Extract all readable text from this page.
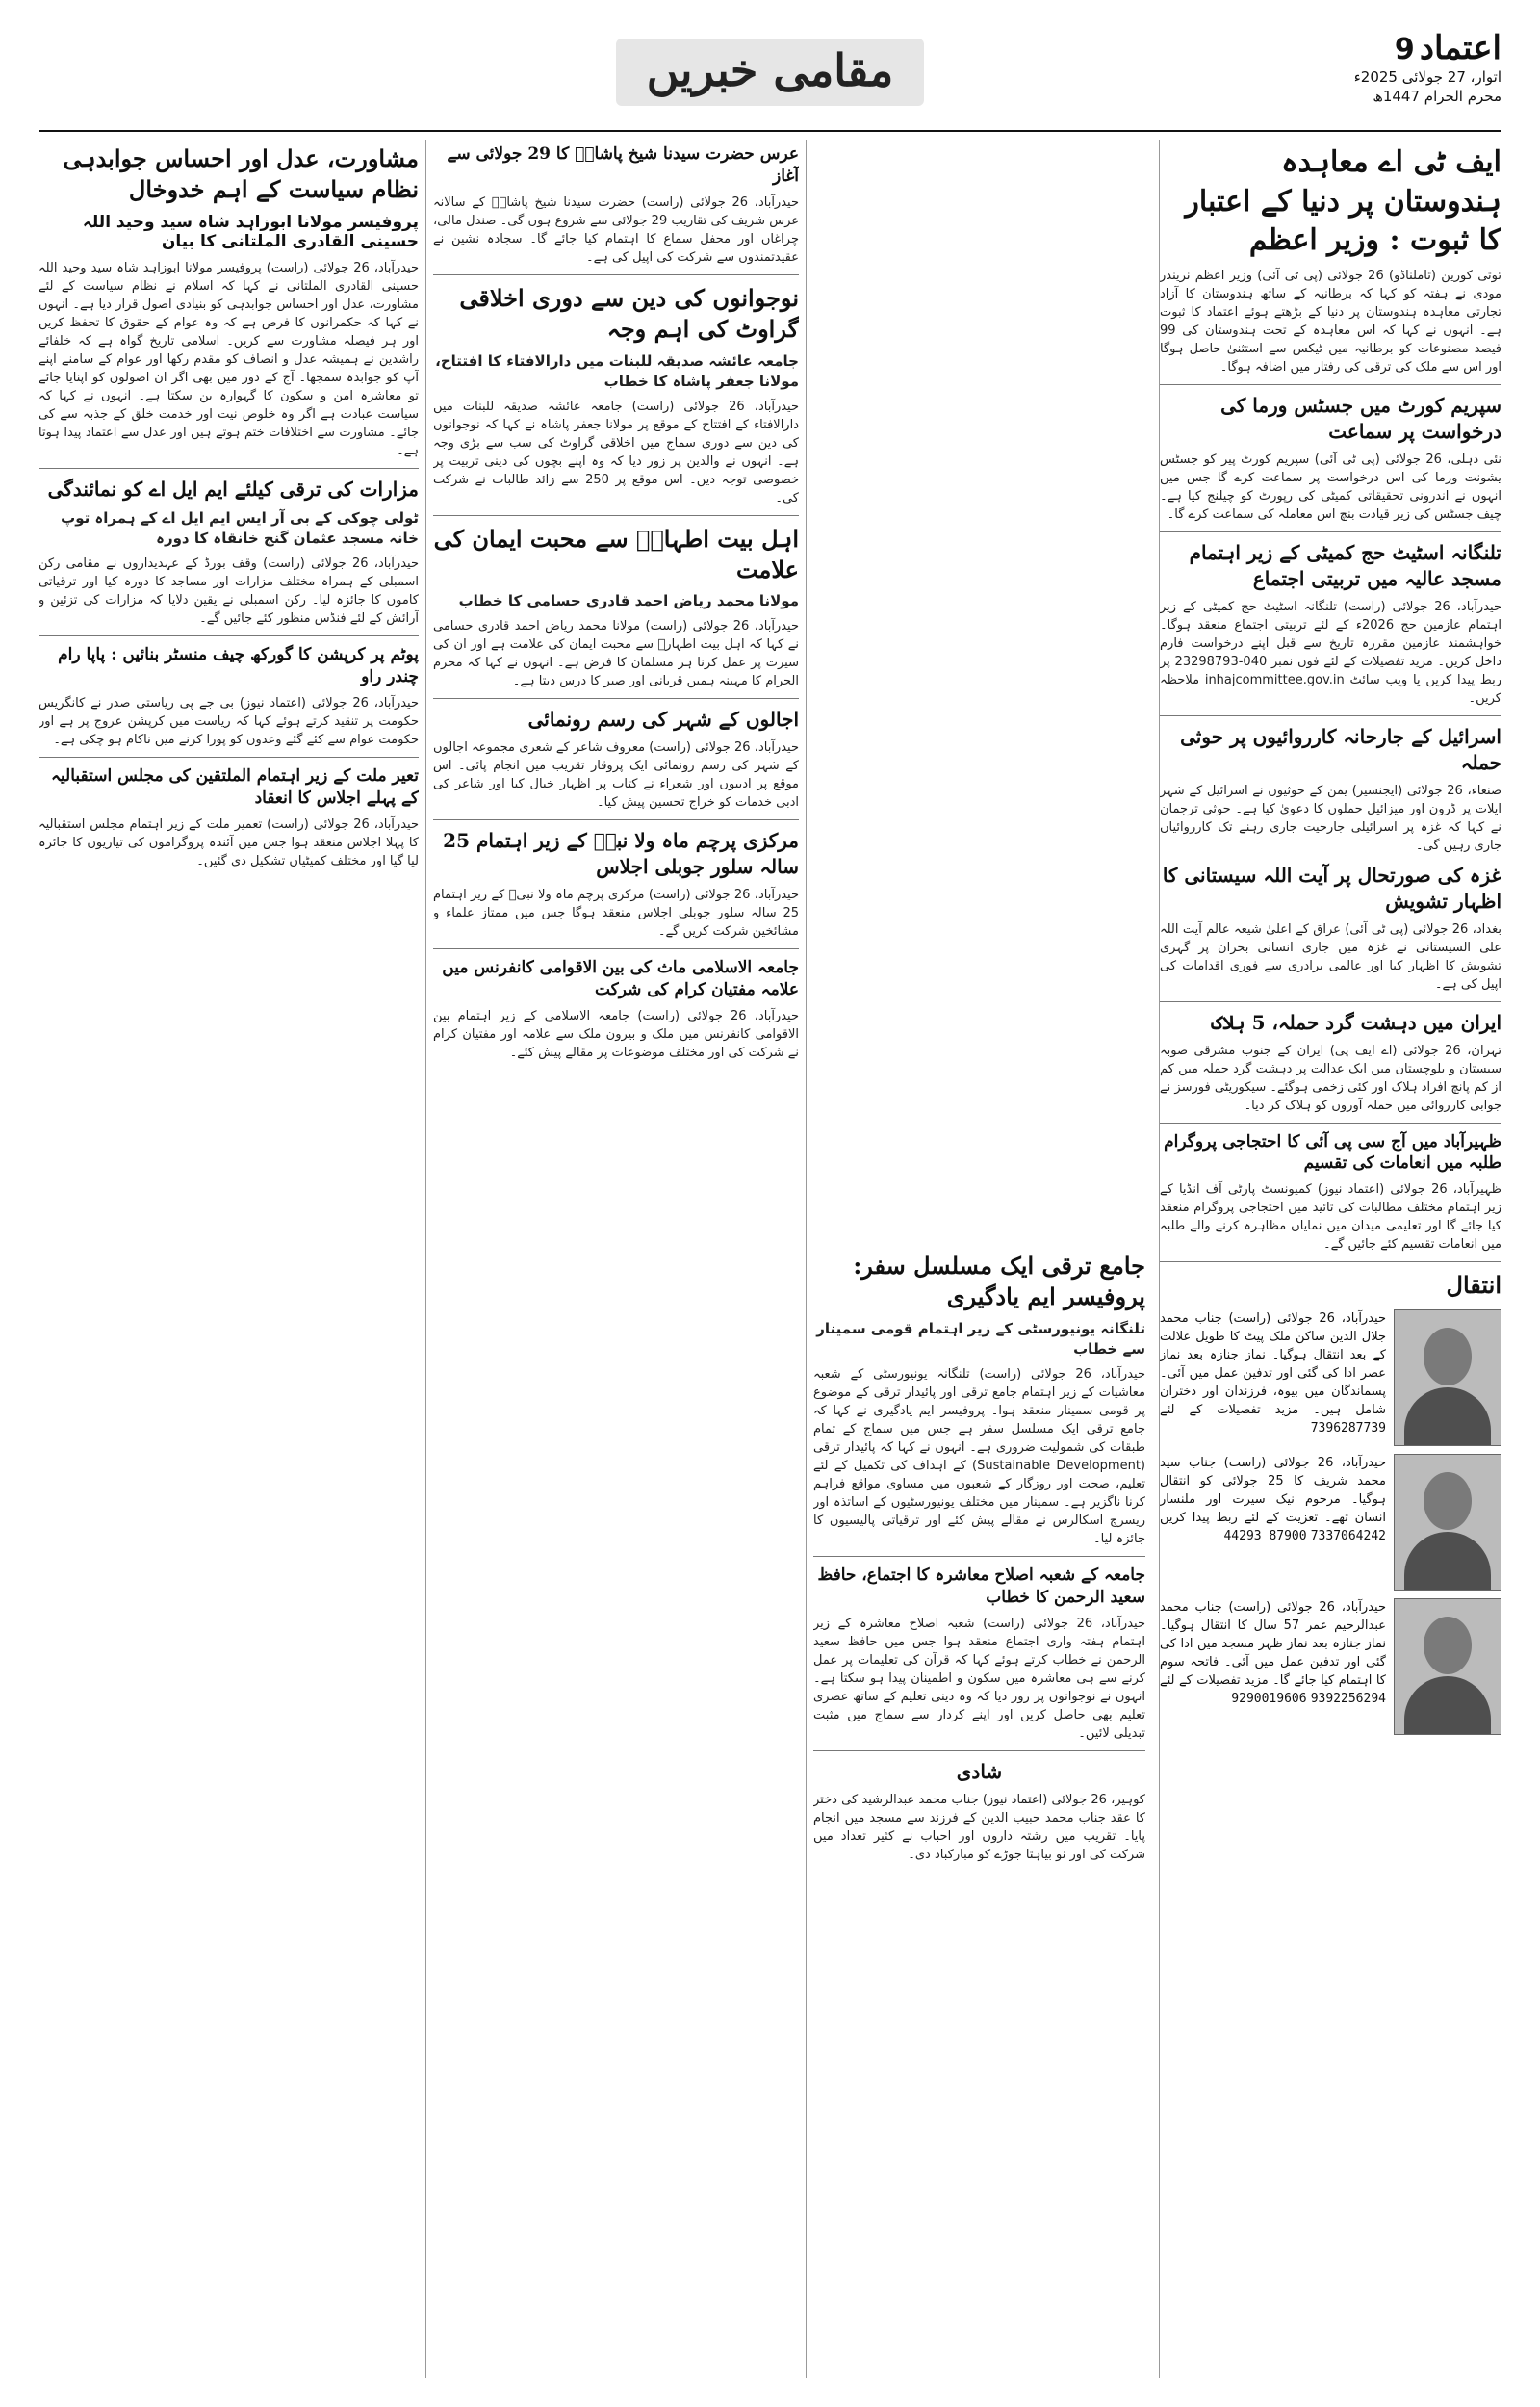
اعتماد 9
اتوار، 27 جولائی 2025ء
محرم الحرام 1447ھ
مقامی خبریں
ایف ٹی اے معاہدہ ہندوستان پر دنیا کے اعتبار کا ثبوت : وزیر اعظم

توتی کورین (تاملناڈو) 26 جولائی (پی ٹی آئی) وزیر اعظم نریندر مودی نے ہفتہ کو کہا کہ برطانیہ کے ساتھ ہندوستان کا آزاد تجارتی معاہدہ ہندوستان پر دنیا کے بڑھتے ہوئے اعتماد کا ثبوت ہے۔ انہوں نے کہا کہ اس معاہدہ کے تحت ہندوستان کی 99 فیصد مصنوعات کو برطانیہ میں ٹیکس سے استثنیٰ حاصل ہوگا اور اس سے ملک کی ترقی کی رفتار میں اضافہ ہوگا۔

سپریم کورٹ میں جسٹس ورما کی درخواست پر سماعت

نئی دہلی، 26 جولائی (پی ٹی آئی) سپریم کورٹ پیر کو جسٹس یشونت ورما کی اس درخواست پر سماعت کرے گا جس میں انہوں نے اندرونی تحقیقاتی کمیٹی کی رپورٹ کو چیلنج کیا ہے۔ چیف جسٹس کی زیر قیادت بنچ اس معاملہ کی سماعت کرے گا۔

تلنگانہ اسٹیٹ حج کمیٹی کے زیر اہتمام مسجد عالیہ میں تربیتی اجتماع

حیدرآباد، 26 جولائی (راست) تلنگانہ اسٹیٹ حج کمیٹی کے زیر اہتمام عازمین حج 2026ء کے لئے تربیتی اجتماع منعقد ہوگا۔ خواہشمند عازمین مقررہ تاریخ سے قبل اپنے درخواست فارم داخل کریں۔ مزید تفصیلات کے لئے فون نمبر 040-23298793 پر ربط پیدا کریں یا ویب سائٹ inhajcommittee.gov.in ملاحظہ کریں۔

اسرائیل کے جارحانہ کارروائیوں پر حوثی حملہ

صنعاء، 26 جولائی (ایجنسیز) یمن کے حوثیوں نے اسرائیل کے شہر ایلات پر ڈرون اور میزائیل حملوں کا دعویٰ کیا ہے۔ حوثی ترجمان نے کہا کہ غزہ پر اسرائیلی جارحیت جاری رہنے تک کارروائیاں جاری رہیں گی۔

غزہ کی صورتحال پر آیت اللہ سیستانی کا اظہار تشویش

بغداد، 26 جولائی (پی ٹی آئی) عراق کے اعلیٰ شیعہ عالم آیت اللہ علی السیستانی نے غزہ میں جاری انسانی بحران پر گہری تشویش کا اظہار کیا اور عالمی برادری سے فوری اقدامات کی اپیل کی ہے۔

ایران میں دہشت گرد حملہ، 5 ہلاک

تہران، 26 جولائی (اے ایف پی) ایران کے جنوب مشرقی صوبہ سیستان و بلوچستان میں ایک عدالت پر دہشت گرد حملہ میں کم از کم پانچ افراد ہلاک اور کئی زخمی ہوگئے۔ سیکوریٹی فورسز نے جوابی کارروائی میں حملہ آوروں کو ہلاک کر دیا۔

ظہیرآباد میں آج سی پی آئی کا احتجاجی پروگرام طلبہ میں انعامات کی تقسیم

ظہیرآباد، 26 جولائی (اعتماد نیوز) کمیونسٹ پارٹی آف انڈیا کے زیر اہتمام مختلف مطالبات کی تائید میں احتجاجی پروگرام منعقد کیا جائے گا اور تعلیمی میدان میں نمایاں مظاہرہ کرنے والے طلبہ میں انعامات تقسیم کئے جائیں گے۔

انتقال
حیدرآباد، 26 جولائی (راست) جناب محمد جلال الدین ساکن ملک پیٹ کا طویل علالت کے بعد انتقال ہوگیا۔ نماز جنازہ بعد نماز عصر ادا کی گئی اور تدفین عمل میں آئی۔ پسماندگان میں بیوہ، فرزندان اور دختران شامل ہیں۔ مزید تفصیلات کے لئے 7396287739
حیدرآباد، 26 جولائی (راست) جناب سید محمد شریف کا 25 جولائی کو انتقال ہوگیا۔ مرحوم نیک سیرت اور ملنسار انسان تھے۔ تعزیت کے لئے ربط پیدا کریں 7337064242 44293 87900
حیدرآباد، 26 جولائی (راست) جناب محمد عبدالرحیم عمر 57 سال کا انتقال ہوگیا۔ نماز جنازہ بعد نماز ظہر مسجد میں ادا کی گئی اور تدفین عمل میں آئی۔ فاتحہ سوم کا اہتمام کیا جائے گا۔ مزید تفصیلات کے لئے 9392256294 9290019606
جامع ترقی ایک مسلسل سفر: پروفیسر ایم یادگیری
تلنگانہ یونیورسٹی کے زیر اہتمام قومی سمینار سے خطاب

حیدرآباد، 26 جولائی (راست) تلنگانہ یونیورسٹی کے شعبہ معاشیات کے زیر اہتمام جامع ترقی اور پائیدار ترقی کے موضوع پر قومی سمینار منعقد ہوا۔ پروفیسر ایم یادگیری نے کہا کہ جامع ترقی ایک مسلسل سفر ہے جس میں سماج کے تمام طبقات کی شمولیت ضروری ہے۔ انہوں نے کہا کہ پائیدار ترقی (Sustainable Development) کے اہداف کی تکمیل کے لئے تعلیم، صحت اور روزگار کے شعبوں میں مساوی مواقع فراہم کرنا ناگزیر ہے۔ سمینار میں مختلف یونیورسٹیوں کے اساتذہ اور ریسرچ اسکالرس نے مقالے پیش کئے اور ترقیاتی پالیسیوں کا جائزہ لیا۔

جامعہ کے شعبہ اصلاح معاشرہ کا اجتماع، حافظ سعید الرحمن کا خطاب

حیدرآباد، 26 جولائی (راست) شعبہ اصلاح معاشرہ کے زیر اہتمام ہفتہ واری اجتماع منعقد ہوا جس میں حافظ سعید الرحمن نے خطاب کرتے ہوئے کہا کہ قرآن کی تعلیمات پر عمل کرنے سے ہی معاشرہ میں سکون و اطمینان پیدا ہو سکتا ہے۔ انہوں نے نوجوانوں پر زور دیا کہ وہ دینی تعلیم کے ساتھ عصری تعلیم بھی حاصل کریں اور اپنے کردار سے سماج میں مثبت تبدیلی لائیں۔

شادی

کوہیر، 26 جولائی (اعتماد نیوز) جناب محمد عبدالرشید کی دختر کا عقد جناب محمد حبیب الدین کے فرزند سے مسجد میں انجام پایا۔ تقریب میں رشتہ داروں اور احباب نے کثیر تعداد میں شرکت کی اور نو بیاہتا جوڑے کو مبارکباد دی۔

عرس حضرت سیدنا شیخ پاشاہؒ کا 29 جولائی سے آغاز

حیدرآباد، 26 جولائی (راست) حضرت سیدنا شیخ پاشاہؒ کے سالانہ عرس شریف کی تقاریب 29 جولائی سے شروع ہوں گی۔ صندل مالی، چراغاں اور محفل سماع کا اہتمام کیا جائے گا۔ سجادہ نشین نے عقیدتمندوں سے شرکت کی اپیل کی ہے۔

نوجوانوں کی دین سے دوری اخلاقی گراوٹ کی اہم وجہ
جامعہ عائشہ صدیقہ للبنات میں دارالافتاء کا افتتاح، مولانا جعفر پاشاہ کا خطاب

حیدرآباد، 26 جولائی (راست) جامعہ عائشہ صدیقہ للبنات میں دارالافتاء کے افتتاح کے موقع پر مولانا جعفر پاشاہ نے کہا کہ نوجوانوں کی دین سے دوری سماج میں اخلاقی گراوٹ کی سب سے بڑی وجہ ہے۔ انہوں نے والدین پر زور دیا کہ وہ اپنے بچوں کی دینی تربیت پر خصوصی توجہ دیں۔ اس موقع پر 250 سے زائد طالبات نے شرکت کی۔

اہل بیت اطہارؓ سے محبت ایمان کی علامت
مولانا محمد ریاض احمد قادری حسامی کا خطاب

حیدرآباد، 26 جولائی (راست) مولانا محمد ریاض احمد قادری حسامی نے کہا کہ اہل بیت اطہارؓ سے محبت ایمان کی علامت ہے اور ان کی سیرت پر عمل کرنا ہر مسلمان کا فرض ہے۔ انہوں نے کہا کہ محرم الحرام کا مہینہ ہمیں قربانی اور صبر کا درس دیتا ہے۔

اجالوں کے شہر کی رسم رونمائی

حیدرآباد، 26 جولائی (راست) معروف شاعر کے شعری مجموعہ اجالوں کے شہر کی رسم رونمائی ایک پروقار تقریب میں انجام پائی۔ اس موقع پر ادیبوں اور شعراء نے کتاب پر اظہار خیال کیا اور شاعر کی ادبی خدمات کو خراج تحسین پیش کیا۔

مرکزی پرچم ماہ ولا نبیؐ کے زیر اہتمام 25 سالہ سلور جوبلی اجلاس

حیدرآباد، 26 جولائی (راست) مرکزی پرچم ماہ ولا نبیؐ کے زیر اہتمام 25 سالہ سلور جوبلی اجلاس منعقد ہوگا جس میں ممتاز علماء و مشائخین شرکت کریں گے۔

جامعہ الاسلامی ماث کی بین الاقوامی کانفرنس میں علامہ مفتیان کرام کی شرکت

حیدرآباد، 26 جولائی (راست) جامعہ الاسلامی کے زیر اہتمام بین الاقوامی کانفرنس میں ملک و بیرون ملک سے علامہ اور مفتیان کرام نے شرکت کی اور مختلف موضوعات پر مقالے پیش کئے۔

مشاورت، عدل اور احساس جوابدہی نظام سیاست کے اہم خدوخال
پروفیسر مولانا ابوزاہد شاہ سید وحید اللہ حسینی القادری الملتانی کا بیان

حیدرآباد، 26 جولائی (راست) پروفیسر مولانا ابوزاہد شاہ سید وحید اللہ حسینی القادری الملتانی نے کہا کہ اسلام نے نظام سیاست کے لئے مشاورت، عدل اور احساس جوابدہی کو بنیادی اصول قرار دیا ہے۔ انہوں نے کہا کہ حکمرانوں کا فرض ہے کہ وہ عوام کے حقوق کا تحفظ کریں اور ہر فیصلہ مشاورت سے کریں۔ اسلامی تاریخ گواہ ہے کہ خلفائے راشدین نے ہمیشہ عدل و انصاف کو مقدم رکھا اور عوام کے سامنے اپنے آپ کو جوابدہ سمجھا۔ آج کے دور میں بھی اگر ان اصولوں کو اپنایا جائے تو معاشرہ امن و سکون کا گہوارہ بن سکتا ہے۔ انہوں نے کہا کہ سیاست عبادت ہے اگر وہ خلوص نیت اور خدمت خلق کے جذبہ سے کی جائے۔ مشاورت سے اختلافات ختم ہوتے ہیں اور عدل سے اعتماد پیدا ہوتا ہے۔

مزارات کی ترقی کیلئے ایم ایل اے کو نمائندگی
ٹولی چوکی کے بی آر ایس ایم ایل اے کے ہمراہ توپ خانہ مسجد عثمان گنج خانقاہ کا دورہ

حیدرآباد، 26 جولائی (راست) وقف بورڈ کے عہدیداروں نے مقامی رکن اسمبلی کے ہمراہ مختلف مزارات اور مساجد کا دورہ کیا اور ترقیاتی کاموں کا جائزہ لیا۔ رکن اسمبلی نے یقین دلایا کہ مزارات کی تزئین و آرائش کے لئے فنڈس منظور کئے جائیں گے۔

پوٹم پر کرپشن کا گورکھ چیف منسٹر بنائیں : پاپا رام چندر راو

حیدرآباد، 26 جولائی (اعتماد نیوز) بی جے پی ریاستی صدر نے کانگریس حکومت پر تنقید کرتے ہوئے کہا کہ ریاست میں کرپشن عروج پر ہے اور حکومت عوام سے کئے گئے وعدوں کو پورا کرنے میں ناکام ہو چکی ہے۔

تعیر ملت کے زیر اہتمام الملتقین کی مجلس استقبالیہ کے پہلے اجلاس کا انعقاد

حیدرآباد، 26 جولائی (راست) تعمیر ملت کے زیر اہتمام مجلس استقبالیہ کا پہلا اجلاس منعقد ہوا جس میں آئندہ پروگراموں کی تیاریوں کا جائزہ لیا گیا اور مختلف کمیٹیاں تشکیل دی گئیں۔
